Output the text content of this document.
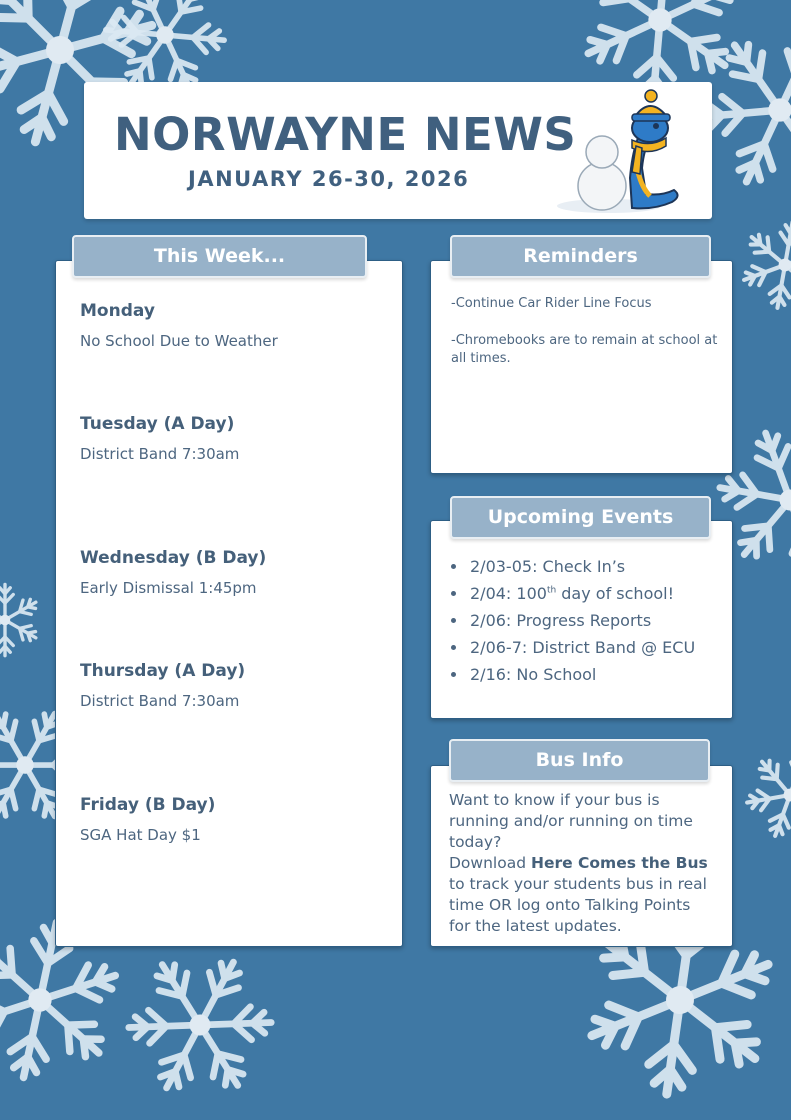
NORWAYNE NEWS
JANUARY 26-30, 2026
Monday
No School Due to Weather
Tuesday (A Day)
District Band 7:30am
Wednesday (B Day)
Early Dismissal 1:45pm
Thursday (A Day)
District Band 7:30am
Friday (B Day)
SGA Hat Day $1
This Week...
-Continue Car Rider Line Focus
-Chromebooks are to remain at school at all times.
Reminders
• 2/03-05: Check In’s
• 2/04: 100th day of school!
• 2/06: Progress Reports
• 2/06-7: District Band @ ECU
• 2/16: No School
Upcoming Events
Want to know if your bus is running and/or running on time today?
Download Here Comes the Bus to track your students bus in real time OR log onto Talking Points for the latest updates.
Bus Info
